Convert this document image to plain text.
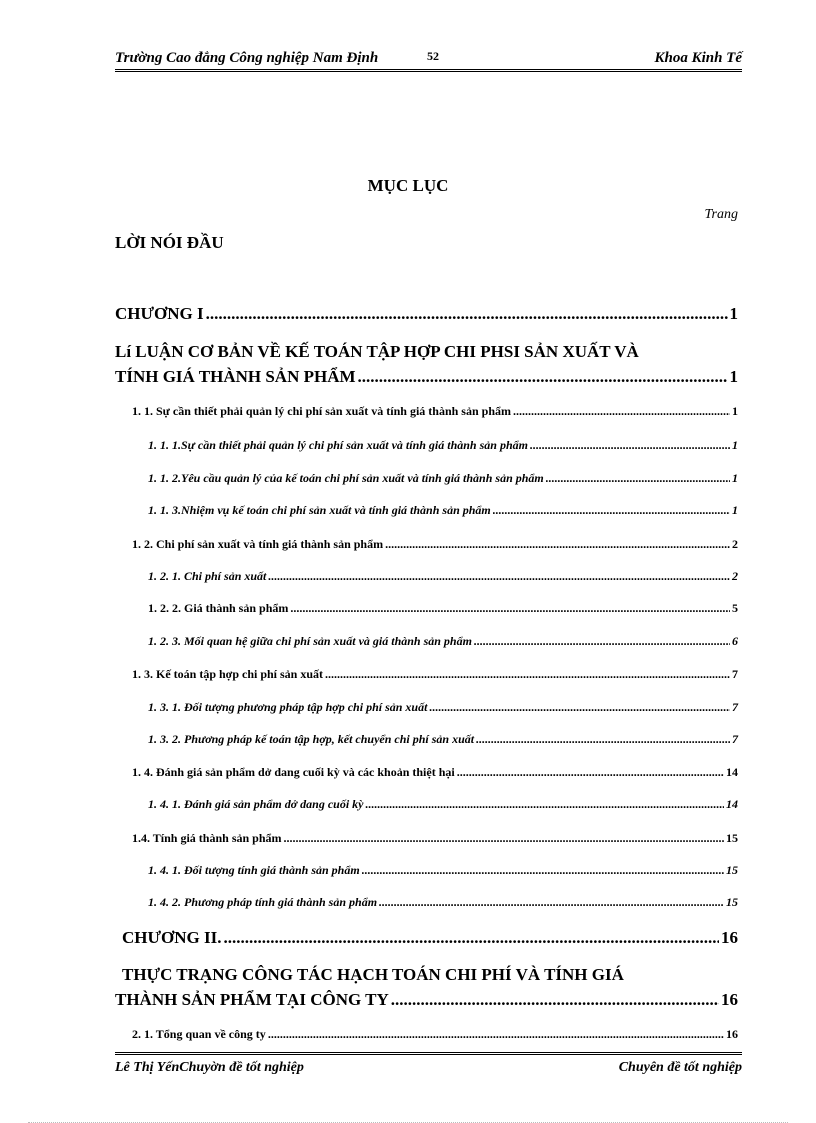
Trường Cao đẳng Công nghiệp Nam Định	52	Khoa Kinh Tế
MỤC LỤC
Trang
LỜI NÓI ĐẦU
CHƯƠNG I .....	1
Lí LUẬN CƠ BẢN VỀ KẾ TOÁN TẬP HỢP CHI PHSI SẢN XUẤT VÀ
TÍNH GIÁ THÀNH SẢN PHẨM .....	1
1. 1. Sự cần thiết phải quản lý chi phí sản xuất và tính giá thành sản phẩm .....	1
1. 1. 1.Sự cần thiết phải quản lý chi phí sản xuất và tính giá thành sản phẩm .....	1
1. 1. 2.Yêu cầu quản lý của kế toán chi phí sản xuất và tính giá thành sản phẩm .....	1
1. 1. 3.Nhiệm vụ kế toán chi phí sản xuất và tính giá thành sản phẩm .....	1
1. 2. Chi phí sản xuất và tính giá thành sản phẩm .....	2
1. 2. 1. Chi phí sản xuất .....	2
1. 2. 2. Giá thành sản phẩm .....	5
1. 2. 3. Mối quan hệ giữa chi phí sản xuất và giá thành sản phẩm .....	6
1. 3. Kế toán tập hợp chi phí sản xuất .....	7
1. 3. 1. Đối tượng phương pháp tập hợp chi phí sản xuất .....	7
1. 3. 2. Phương pháp kế toán tập hợp, kết chuyển chi phí sản xuất .....	7
1. 4. Đánh giá sản phẩm dở dang cuối kỳ và các khoản thiệt hại .....	14
1. 4. 1. Đánh giá sản phẩm dở dang cuối kỳ .....	14
1.4. Tính giá thành sản phẩm .....	15
1. 4. 1. Đối tượng tính giá thành sản phẩm .....	15
1. 4. 2. Phương pháp tính giá thành sản phẩm .....	15
CHƯƠNG II. .....	16
THỰC TRẠNG CÔNG TÁC HẠCH TOÁN CHI PHÍ VÀ TÍNH GIÁ
THÀNH SẢN PHẨM TẠI CÔNG TY .....	16
2. 1. Tổng quan về công ty .....	16
Lê Thị YếnChuyờn đề tốt nghiệp	Chuyên đề tốt nghiệp
